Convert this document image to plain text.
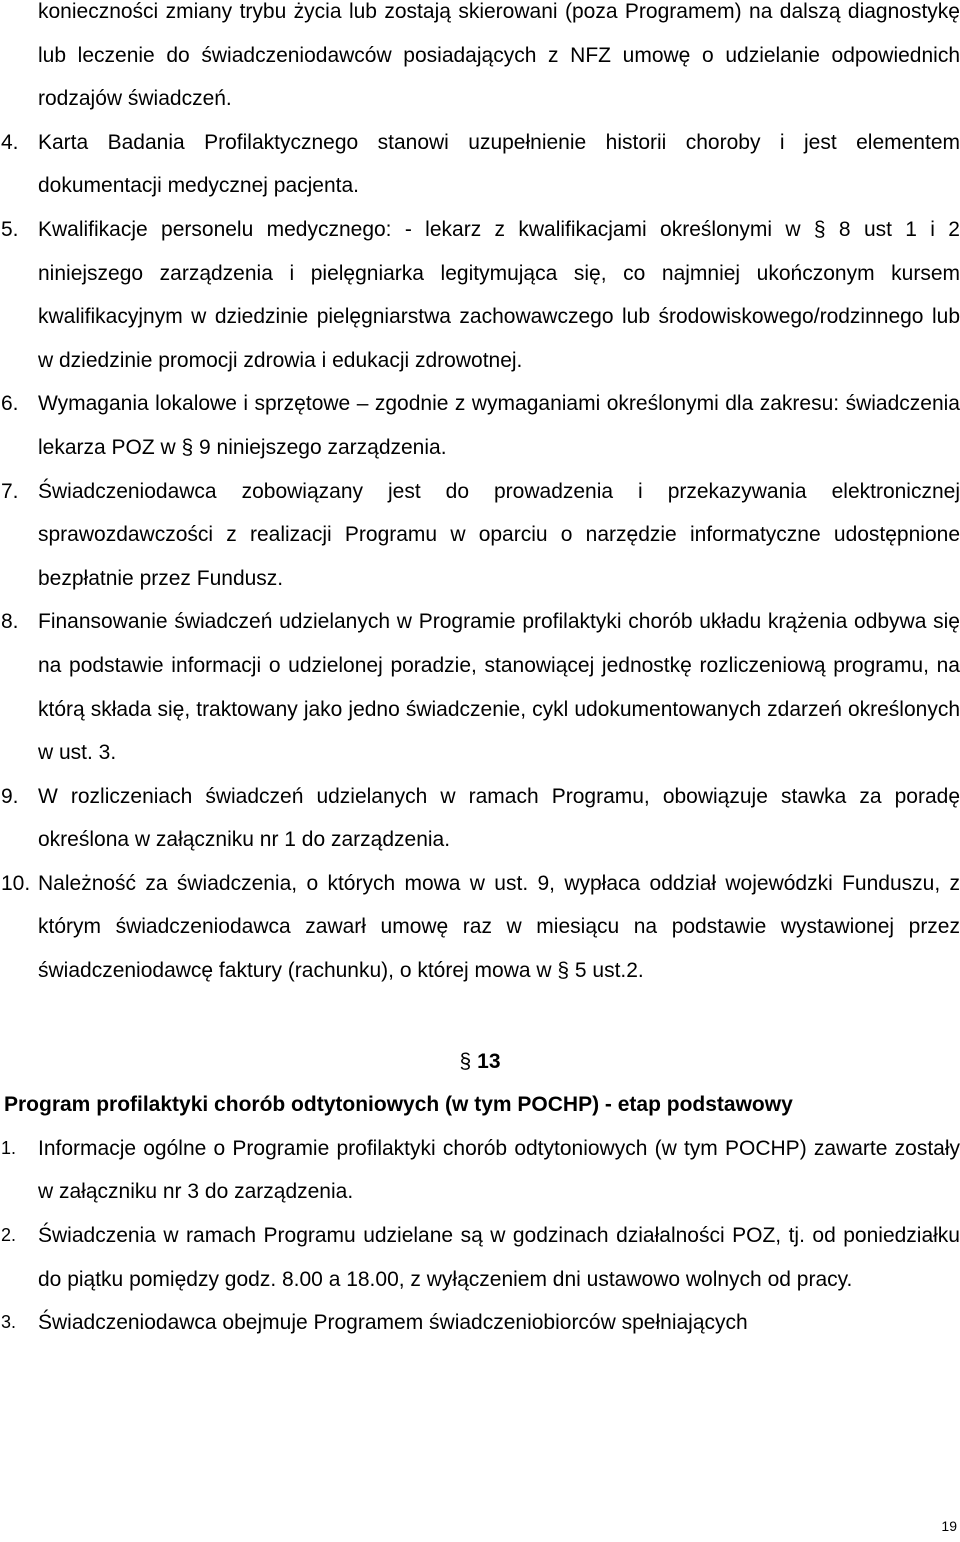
konieczności zmiany trybu życia lub zostają skierowani (poza Programem) na dalszą diagnostykę lub leczenie do świadczeniodawców posiadających z NFZ umowę o udzielanie odpowiednich rodzajów świadczeń.

4. Karta Badania Profilaktycznego stanowi uzupełnienie historii choroby i jest elementem dokumentacji medycznej pacjenta.
5. Kwalifikacje personelu medycznego: - lekarz z kwalifikacjami określonymi w § 8 ust 1 i 2 niniejszego zarządzenia i pielęgniarka legitymująca się, co najmniej ukończonym kursem kwalifikacyjnym w dziedzinie pielęgniarstwa zachowawczego lub środowiskowego/rodzinnego lub w dziedzinie promocji zdrowia i edukacji zdrowotnej.
6. Wymagania lokalowe i sprzętowe – zgodnie z wymaganiami określonymi dla zakresu: świadczenia lekarza POZ w § 9 niniejszego zarządzenia.
7. Świadczeniodawca zobowiązany jest do prowadzenia i przekazywania elektronicznej sprawozdawczości z realizacji Programu w oparciu o narzędzie informatyczne udostępnione bezpłatnie przez Fundusz.
8. Finansowanie świadczeń udzielanych w Programie profilaktyki chorób układu krążenia odbywa się na podstawie informacji o udzielonej poradzie, stanowiącej jednostkę rozliczeniową programu, na którą składa się, traktowany jako jedno świadczenie, cykl udokumentowanych zdarzeń określonych w ust. 3.
9. W rozliczeniach świadczeń udzielanych w ramach Programu, obowiązuje stawka za poradę określona w załączniku nr 1 do zarządzenia.
10. Należność za świadczenia, o których mowa w ust. 9, wypłaca oddział wojewódzki Funduszu, z którym świadczeniodawca zawarł umowę raz w miesiącu na podstawie wystawionej przez świadczeniodawcę faktury (rachunku), o której mowa w § 5 ust.2.
§ 13
Program profilaktyki chorób odtytoniowych (w tym POCHP) - etap podstawowy
1. Informacje ogólne o Programie profilaktyki chorób odtytoniowych (w tym POCHP) zawarte zostały w załączniku nr 3 do zarządzenia.
2. Świadczenia w ramach Programu udzielane są w godzinach działalności POZ, tj. od poniedziałku do piątku pomiędzy godz. 8.00 a 18.00, z wyłączeniem dni ustawowo wolnych od pracy.
3. Świadczeniodawca obejmuje Programem świadczeniobiorców spełniających
19
